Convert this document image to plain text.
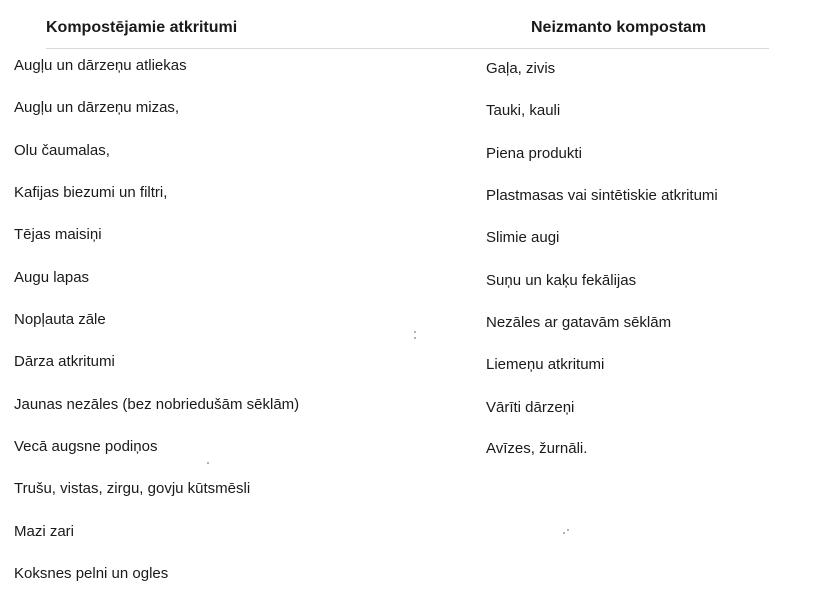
Kompostējamie atkritumi	Neizmanto kompostam
Augļu un dārzeņu atliekas
Augļu un dārzeņu mizas,
Olu čaumalas,
Kafijas biezumi un filtri,
Tējas maisiņi
Augu lapas
Nopļauta zāle
Dārza atkritumi
Jaunas nezāles (bez nobriedušām sēklām)
Vecā augsne podiņos
Trušu, vistas, zirgu, govju kūtsmēsli
Mazi zari
Koksnes pelni un ogles
Gaļa, zivis
Tauki, kauli
Piena produkti
Plastmasas vai sintētiskie atkritumi
Slimie augi
Suņu un kaķu fekālijas
Nezāles ar gatavām sēklām
Liemeņu atkritumi
Vārīti dārzeņi
Avīzes, žurnāli.
